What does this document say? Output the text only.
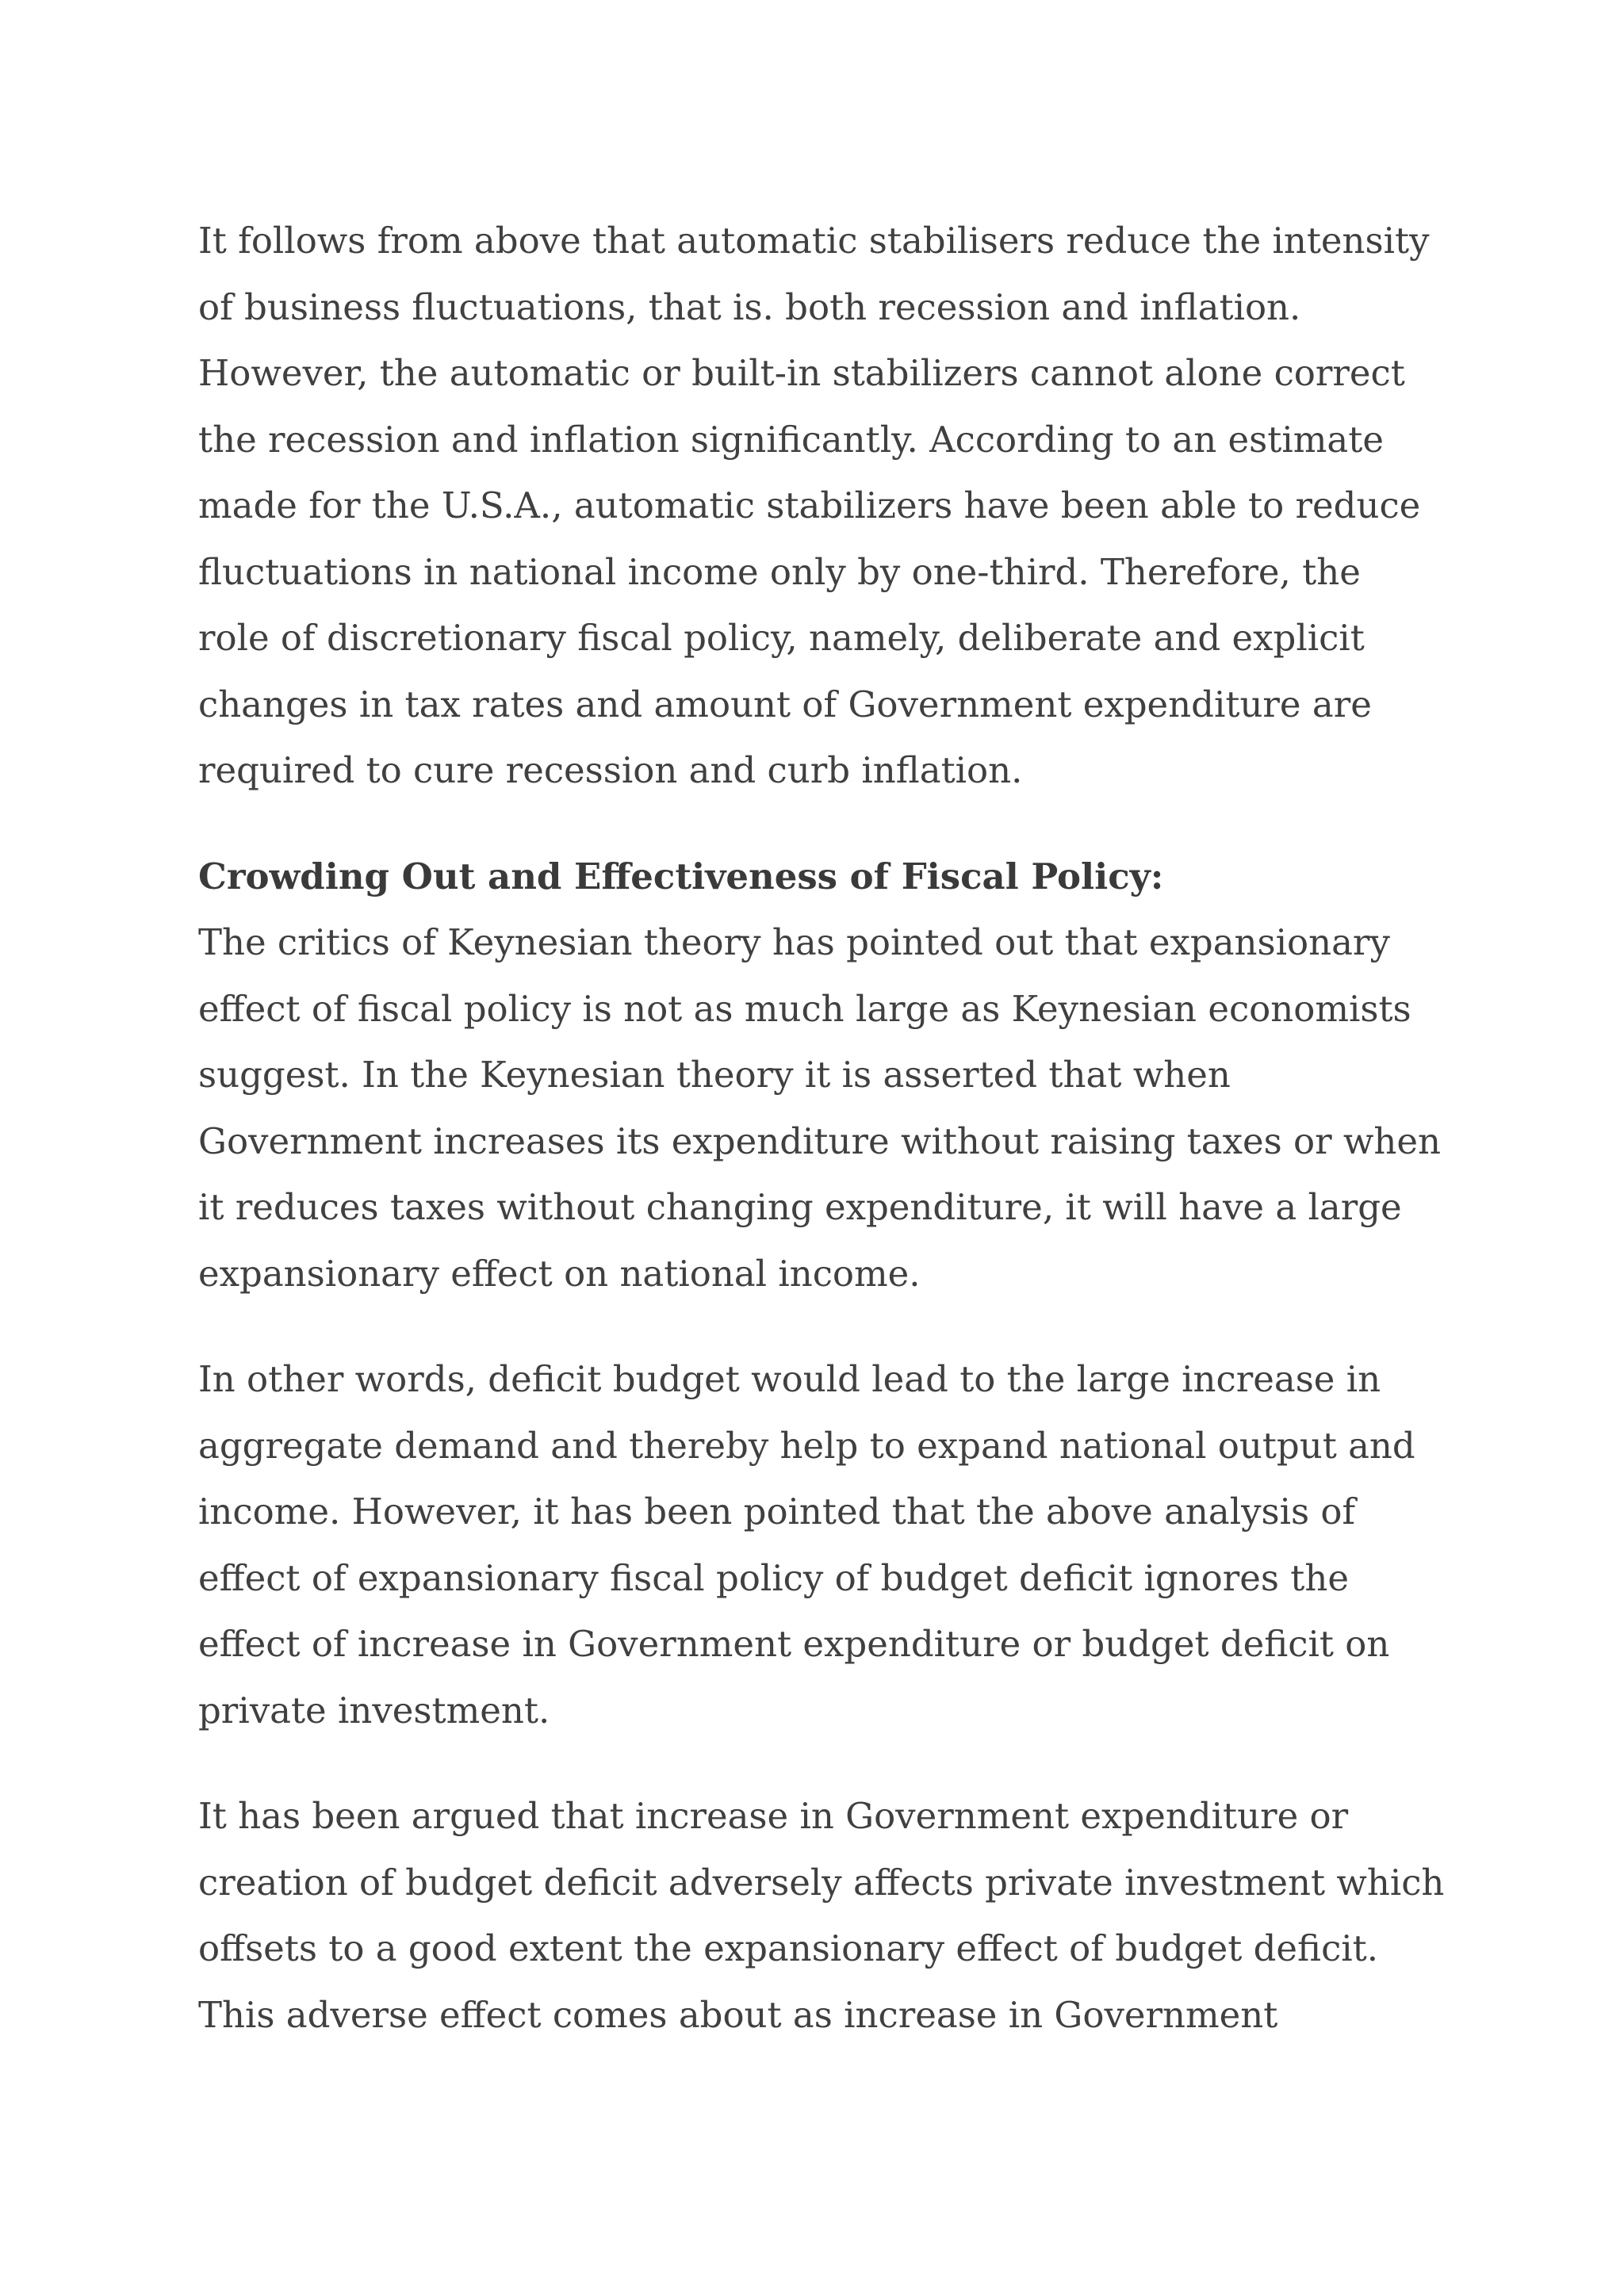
It follows from above that automatic stabilisers reduce the intensity
of business fluctuations, that is. both recession and inflation.
However, the automatic or built-in stabilizers cannot alone correct
the recession and inflation significantly. According to an estimate
made for the U.S.A., automatic stabilizers have been able to reduce
fluctuations in national income only by one-third. Therefore, the
role of discretionary fiscal policy, namely, deliberate and explicit
changes in tax rates and amount of Government expenditure are
required to cure recession and curb inflation.

Crowding Out and Effectiveness of Fiscal Policy:

The critics of Keynesian theory has pointed out that expansionary
effect of fiscal policy is not as much large as Keynesian economists
suggest. In the Keynesian theory it is asserted that when
Government increases its expenditure without raising taxes or when
it reduces taxes without changing expenditure, it will have a large
expansionary effect on national income.

In other words, deficit budget would lead to the large increase in
aggregate demand and thereby help to expand national output and
income. However, it has been pointed that the above analysis of
effect of expansionary fiscal policy of budget deficit ignores the
effect of increase in Government expenditure or budget deficit on
private investment.

It has been argued that increase in Government expenditure or
creation of budget deficit adversely affects private investment which
offsets to a good extent the expansionary effect of budget deficit.
This adverse effect comes about as increase in Government
